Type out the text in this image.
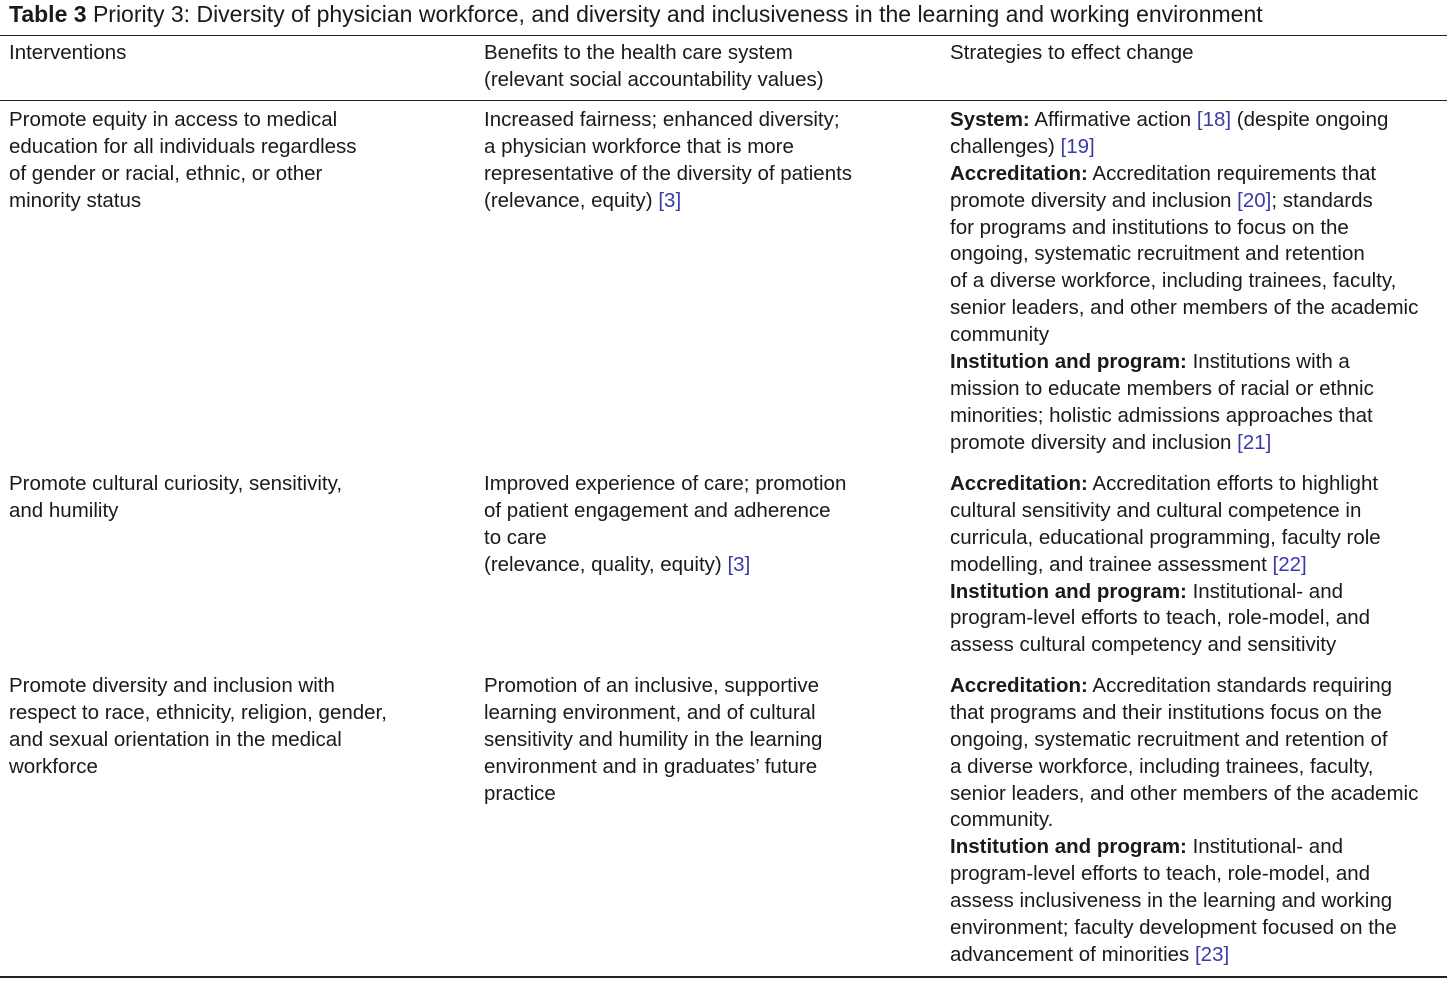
Table 3 Priority 3: Diversity of physician workforce, and diversity and inclusiveness in the learning and working environment
Interventions	Benefits to the health care system
(relevant social accountability values)
Strategies to effect change
Promote equity in access to medical
education for all individuals regardless
of gender or racial, ethnic, or other
minority status
Increased fairness; enhanced diversity;
a physician workforce that is more
representative of the diversity of patients
(relevance, equity) [3]
System: Affirmative action [18] (despite ongoing
challenges) [19]
Accreditation: Accreditation requirements that
promote diversity and inclusion [20]; standards
for programs and institutions to focus on the
ongoing, systematic recruitment and retention
of a diverse workforce, including trainees, faculty,
senior leaders, and other members of the academic
community
Institution and program: Institutions with a
mission to educate members of racial or ethnic
minorities; holistic admissions approaches that
promote diversity and inclusion [21]
Promote cultural curiosity, sensitivity,
and humility
Improved experience of care; promotion
of patient engagement and adherence
to care
(relevance, quality, equity) [3]
Accreditation: Accreditation efforts to highlight
cultural sensitivity and cultural competence in
curricula, educational programming, faculty role
modelling, and trainee assessment [22]
Institution and program: Institutional- and
program-level efforts to teach, role-model, and
assess cultural competency and sensitivity
Promote diversity and inclusion with
respect to race, ethnicity, religion, gender,
and sexual orientation in the medical
workforce
Promotion of an inclusive, supportive
learning environment, and of cultural
sensitivity and humility in the learning
environment and in graduates’ future
practice
Accreditation: Accreditation standards requiring
that programs and their institutions focus on the
ongoing, systematic recruitment and retention of
a diverse workforce, including trainees, faculty,
senior leaders, and other members of the academic
community.
Institution and program: Institutional- and
program-level efforts to teach, role-model, and
assess inclusiveness in the learning and working
environment; faculty development focused on the
advancement of minorities [23]
